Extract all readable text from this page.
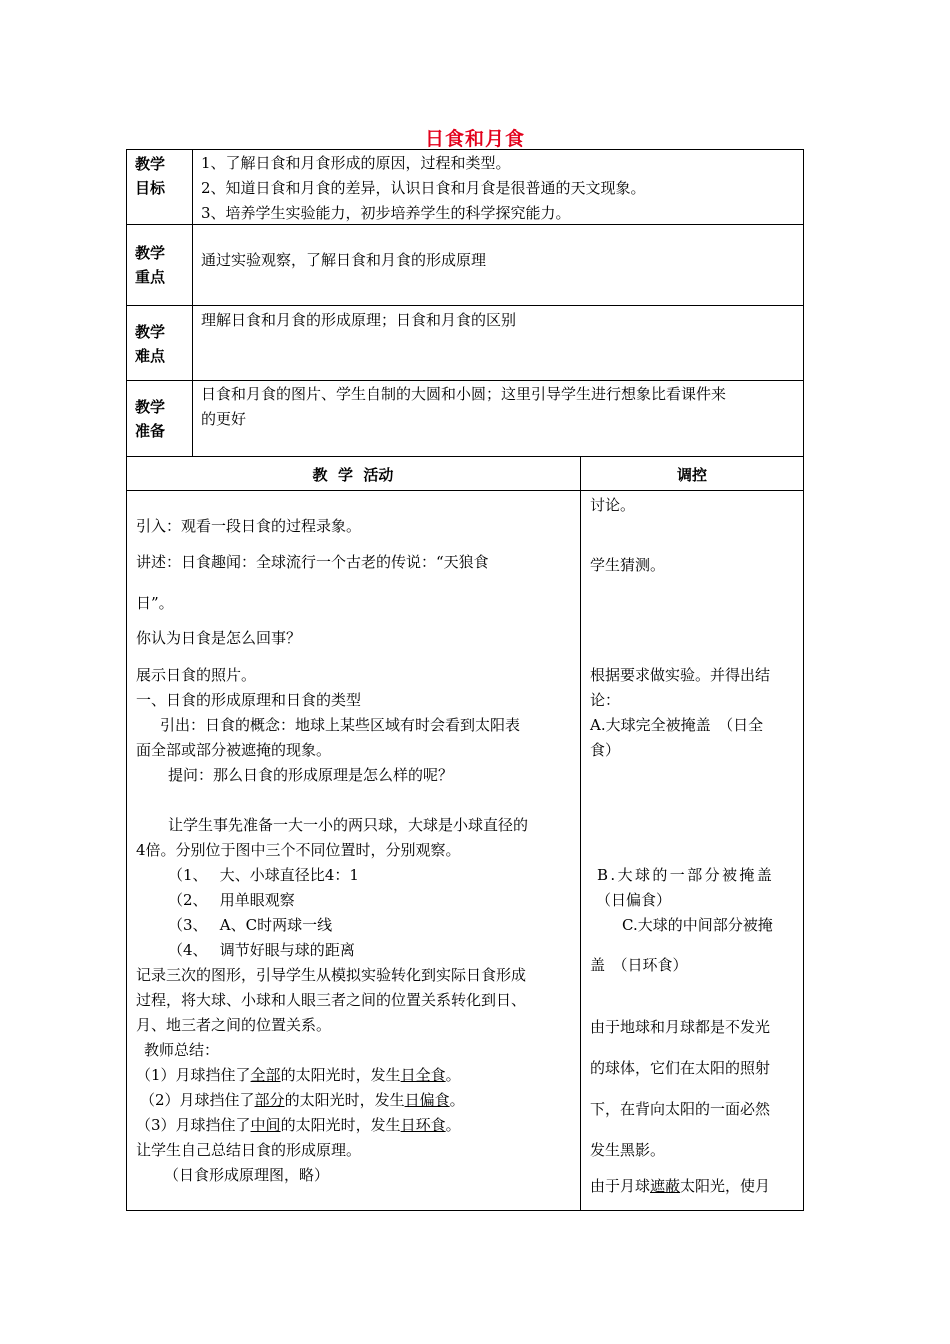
日食和月食
教学
目标
1、了解日食和月食形成的原因，过程和类型。
2、知道日食和月食的差异，认识日食和月食是很普通的天文现象。
3、培养学生实验能力，初步培养学生的科学探究能力。
教学
重点
通过实验观察，了解日食和月食的形成原理
教学
难点
理解日食和月食的形成原理；日食和月食的区别
教学
准备
日食和月食的图片、学生自制的大圆和小圆；这里引导学生进行想象比看课件来
的更好
教  学  活动	调控
引入：观看一段日食的过程录象。
讲述：日食趣闻：全球流行一个古老的传说：“天狼食
日”。
你认为日食是怎么回事？
展示日食的照片。
一、日食的形成原理和日食的类型
引出：日食的概念：地球上某些区域有时会看到太阳表
面全部或部分被遮掩的现象。
提问：那么日食的形成原理是怎么样的呢？
让学生事先准备一大一小的两只球，大球是小球直径的
4倍。分别位于图中三个不同位置时，分别观察。
（1、　 大、小球直径比4：1
（2、　 用单眼观察
（3、　 A、C时两球一线
（4、　 调节好眼与球的距离
记录三次的图形，引导学生从模拟实验转化到实际日食形成
过程，将大球、小球和人眼三者之间的位置关系转化到日、
月、地三者之间的位置关系。
教师总结：
（1）月球挡住了全部的太阳光时，发生日全食。
（2）月球挡住了部分的太阳光时，发生日偏食。
（3）月球挡住了中间的太阳光时，发生日环食。
让学生自己总结日食的形成原理。
（日食形成原理图，略）
讨论。
学生猜测。
根据要求做实验。并得出结
论：
A.大球完全被掩盖　（日全
食）
B.大球的一部分被掩盖
（日偏食）
C.大球的中间部分被掩
盖　（日环食）
由于地球和月球都是不发光
的球体，它们在太阳的照射
下，在背向太阳的一面必然
发生黑影。
由于月球遮蔽太阳光，使月
